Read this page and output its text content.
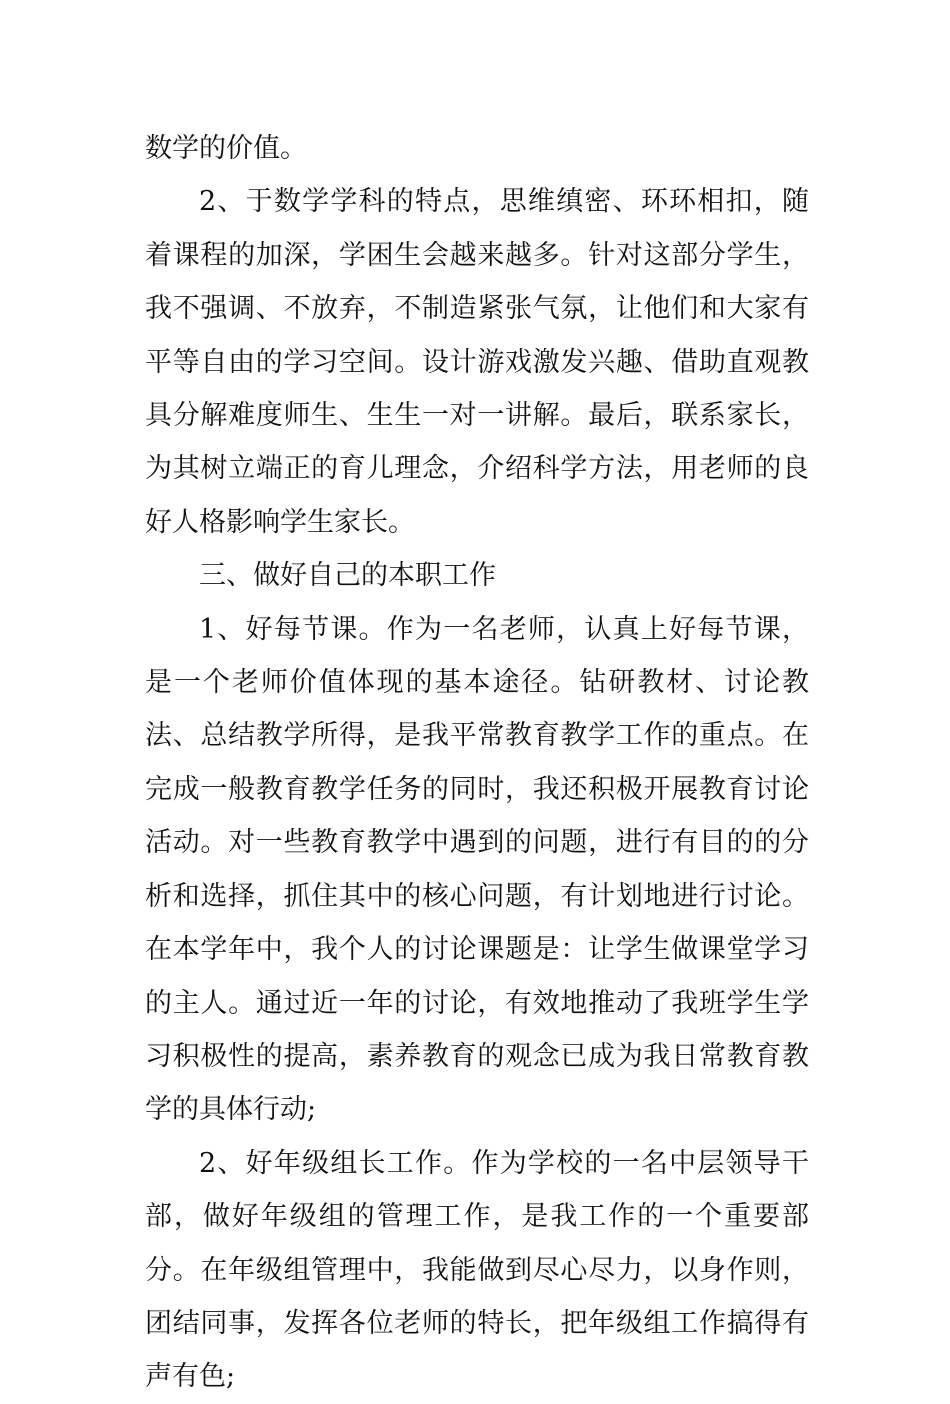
数学的价值。

2、于数学学科的特点，思维缜密、环环相扣，随着课程的加深，学困生会越来越多。针对这部分学生，我不强调、不放弃，不制造紧张气氛，让他们和大家有平等自由的学习空间。设计游戏激发兴趣、借助直观教具分解难度师生、生生一对一讲解。最后，联系家长，为其树立端正的育儿理念，介绍科学方法，用老师的良好人格影响学生家长。

三、做好自己的本职工作

1、好每节课。作为一名老师，认真上好每节课，是一个老师价值体现的基本途径。钻研教材、讨论教法、总结教学所得，是我平常教育教学工作的重点。在完成一般教育教学任务的同时，我还积极开展教育讨论活动。对一些教育教学中遇到的问题，进行有目的的分析和选择，抓住其中的核心问题，有计划地进行讨论。在本学年中，我个人的讨论课题是：让学生做课堂学习的主人。通过近一年的讨论，有效地推动了我班学生学习积极性的提高，素养教育的观念已成为我日常教育教学的具体行动;

2、好年级组长工作。作为学校的一名中层领导干部，做好年级组的管理工作，是我工作的一个重要部分。在年级组管理中，我能做到尽心尽力，以身作则，团结同事，发挥各位老师的特长，把年级组工作搞得有声有色;
